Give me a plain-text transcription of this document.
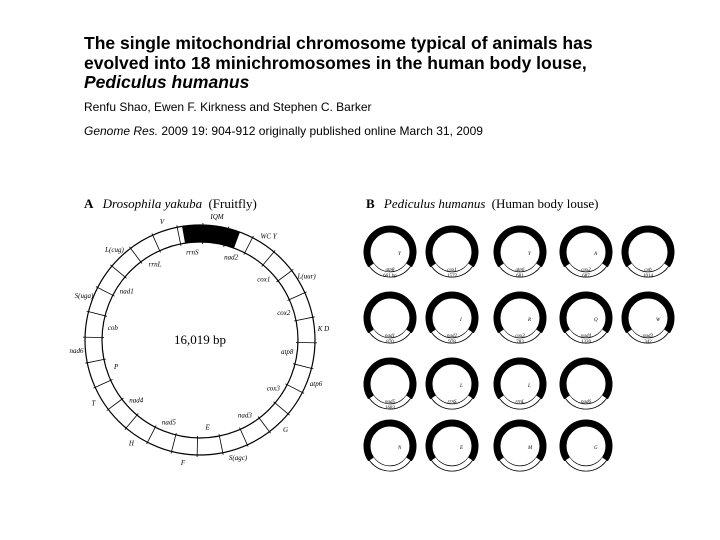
The single mitochondrial chromosome typical of animals has
evolved into 18 minichromosomes in the human body louse,
Pediculus humanus
Renfu Shao, Ewen F. Kirkness and Stephen C. Barker
Genome Res. 2009 19: 904-912 originally published online March 31, 2009
A Drosophila yakuba (Fruitfly)
16,019 bp
rrnS
IQM
nad2
WC Y
cox1	L(uur)
cox2
K D
atp8
atp6
cox3
G
nad3
S(agc)
E
F
nad5
H
nad4
T
P
nad6
cob
S(uga)
nad1
L(cug)
rrnL
V
B Pediculus humanus (Human body louse)
atp8
661 bp
Y
cox1
1572
atp6
681
Y
cox2
687
A
cob
1014
nad1
870
nad2
978
I
cox3
783
R
nad4
1320
Q
nad3
342
W
nad5
1683
rrnS
L
rrnL
L
nad6
N	E	M	G
